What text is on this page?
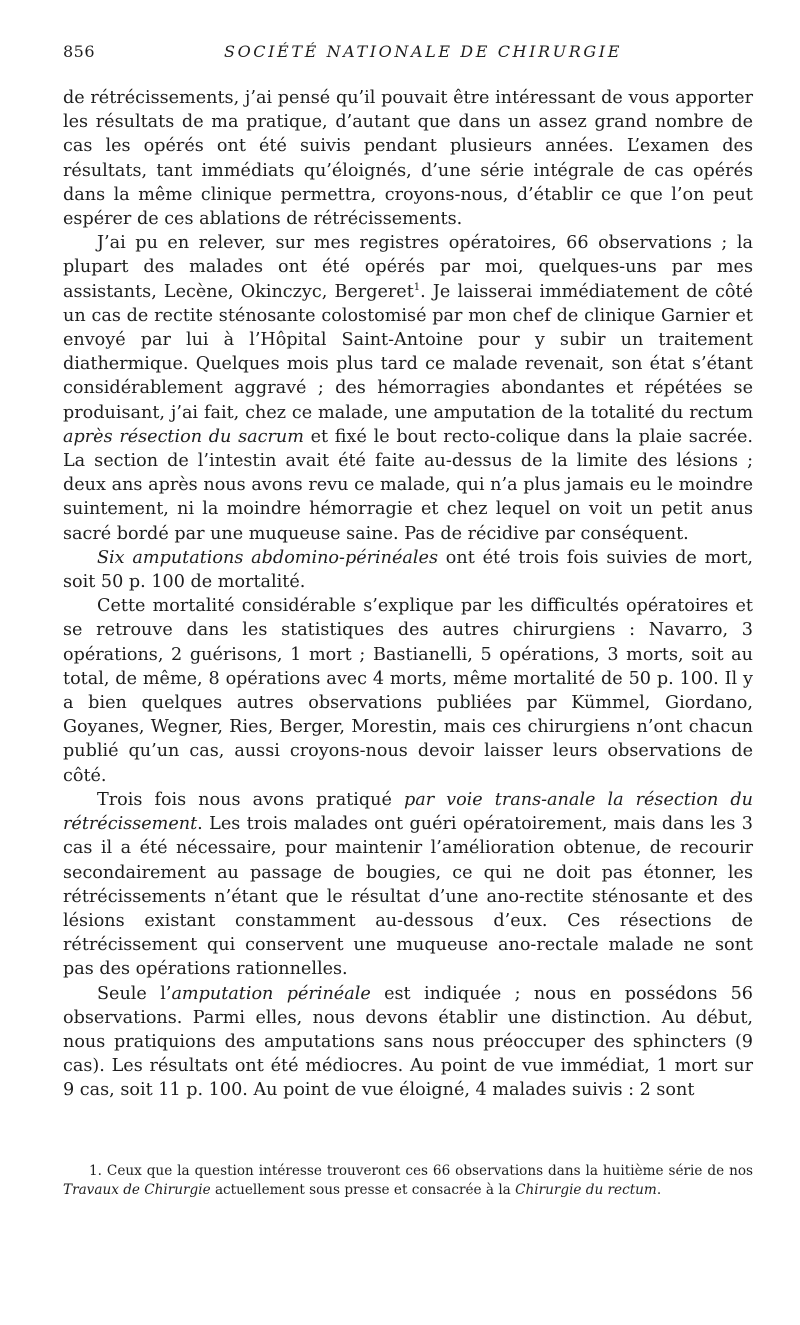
856	SOCIÉTÉ NATIONALE DE CHIRURGIE

de rétrécissements, j’ai pensé qu’il pouvait être intéressant de vous apporter les résultats de ma pratique, d’autant que dans un assez grand nombre de cas les opérés ont été suivis pendant plusieurs années. L’examen des résultats, tant immédiats qu’éloignés, d’une série intégrale de cas opérés dans la même clinique permettra, croyons-nous, d’établir ce que l’on peut espérer de ces ablations de rétrécissements.

J’ai pu en relever, sur mes registres opératoires, 66 observations ; la plupart des malades ont été opérés par moi, quelques-uns par mes assistants, Lecène, Okinczyc, Bergeret$^1$. Je laisserai immédiatement de côté un cas de rectite sténosante colostomisé par mon chef de clinique Garnier et envoyé par lui à l’Hôpital Saint-Antoine pour y subir un traitement diathermique. Quelques mois plus tard ce malade revenait, son état s’étant considérablement aggravé ; des hémorragies abondantes et répétées se produisant, j’ai fait, chez ce malade, une amputation de la totalité du rectum après résection du sacrum et fixé le bout recto-colique dans la plaie sacrée. La section de l’intestin avait été faite au-dessus de la limite des lésions ; deux ans après nous avons revu ce malade, qui n’a plus jamais eu le moindre suintement, ni la moindre hémorragie et chez lequel on voit un petit anus sacré bordé par une muqueuse saine. Pas de récidive par conséquent.

Six amputations abdomino-périnéales ont été trois fois suivies de mort, soit 50 p. 100 de mortalité.

Cette mortalité considérable s’explique par les difficultés opératoires et se retrouve dans les statistiques des autres chirurgiens : Navarro, 3 opérations, 2 guérisons, 1 mort ; Bastianelli, 5 opérations, 3 morts, soit au total, de même, 8 opérations avec 4 morts, même mortalité de 50 p. 100. Il y a bien quelques autres observations publiées par Kümmel, Giordano, Goyanes, Wegner, Ries, Berger, Morestin, mais ces chirurgiens n’ont chacun publié qu’un cas, aussi croyons-nous devoir laisser leurs observations de côté.

Trois fois nous avons pratiqué par voie trans-anale la résection du rétrécissement. Les trois malades ont guéri opératoirement, mais dans les 3 cas il a été nécessaire, pour maintenir l’amélioration obtenue, de recourir secondairement au passage de bougies, ce qui ne doit pas étonner, les rétrécissements n’étant que le résultat d’une ano-rectite sténosante et des lésions existant constamment au-dessous d’eux. Ces résections de rétrécissement qui conservent une muqueuse ano-rectale malade ne sont pas des opérations rationnelles.

Seule l’amputation périnéale est indiquée ; nous en possédons 56 observations. Parmi elles, nous devons établir une distinction. Au début, nous pratiquions des amputations sans nous préoccuper des sphincters (9 cas). Les résultats ont été médiocres. Au point de vue immédiat, 1 mort sur 9 cas, soit 11 p. 100. Au point de vue éloigné, 4 malades suivis : 2 sont

1. Ceux que la question intéresse trouveront ces 66 observations dans la huitième série de nos Travaux de Chirurgie actuellement sous presse et consacrée à la Chirurgie du rectum.
